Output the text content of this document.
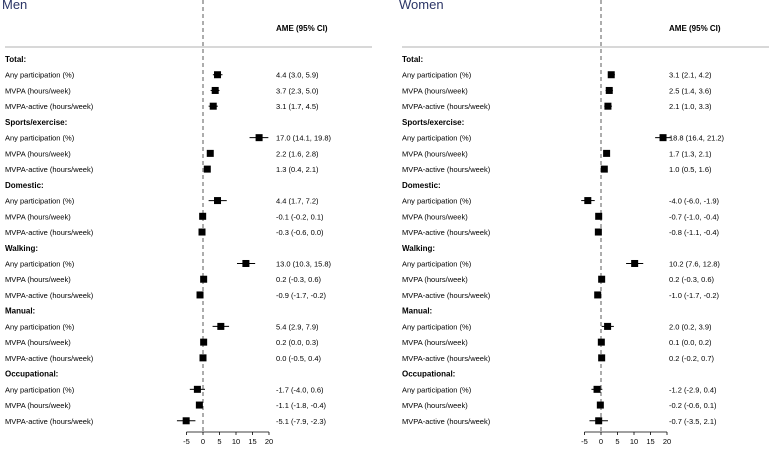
Men
AME (95% CI)
Total:
Any participation (%)	4.4 (3.0, 5.9)
MVPA (hours/week)	3.7 (2.3, 5.0)
MVPA-active (hours/week)	3.1 (1.7, 4.5)
Sports/exercise:
Any participation (%)	17.0 (14.1, 19.8)
MVPA (hours/week)	2.2 (1.6, 2.8)
MVPA-active (hours/week)	1.3 (0.4, 2.1)
Domestic:
Any participation (%)	4.4 (1.7, 7.2)
MVPA (hours/week)	-0.1 (-0.2, 0.1)
MVPA-active (hours/week)	-0.3 (-0.6, 0.0)
Walking:
Any participation (%)	13.0 (10.3, 15.8)
MVPA (hours/week)	0.2 (-0.3, 0.6)
MVPA-active (hours/week)	-0.9 (-1.7, -0.2)
Manual:
Any participation (%)	5.4 (2.9, 7.9)
MVPA (hours/week)	0.2 (0.0, 0.3)
MVPA-active (hours/week)	0.0 (-0.5, 0.4)
Occupational:
Any participation (%)	-1.7 (-4.0, 0.6)
MVPA (hours/week)	-1.1 (-1.8, -0.4)
MVPA-active (hours/week)	-5.1 (-7.9, -2.3)
-5 0 5 10 15 20
Women
AME (95% CI)
Total:
Any participation (%)	3.1 (2.1, 4.2)
MVPA (hours/week)	2.5 (1.4, 3.6)
MVPA-active (hours/week)	2.1 (1.0, 3.3)
Sports/exercise:
Any participation (%)	18.8 (16.4, 21.2)
MVPA (hours/week)	1.7 (1.3, 2.1)
MVPA-active (hours/week)	1.0 (0.5, 1.6)
Domestic:
Any participation (%)	-4.0 (-6.0, -1.9)
MVPA (hours/week)	-0.7 (-1.0, -0.4)
MVPA-active (hours/week)	-0.8 (-1.1, -0.4)
Walking:
Any participation (%)	10.2 (7.6, 12.8)
MVPA (hours/week)	0.2 (-0.3, 0.6)
MVPA-active (hours/week)	-1.0 (-1.7, -0.2)
Manual:
Any participation (%)	2.0 (0.2, 3.9)
MVPA (hours/week)	0.1 (0.0, 0.2)
MVPA-active (hours/week)	0.2 (-0.2, 0.7)
Occupational:
Any participation (%)	-1.2 (-2.9, 0.4)
MVPA (hours/week)	-0.2 (-0.6, 0.1)
MVPA-active (hours/week)	-0.7 (-3.5, 2.1)
-5 0 5 10 15 20
